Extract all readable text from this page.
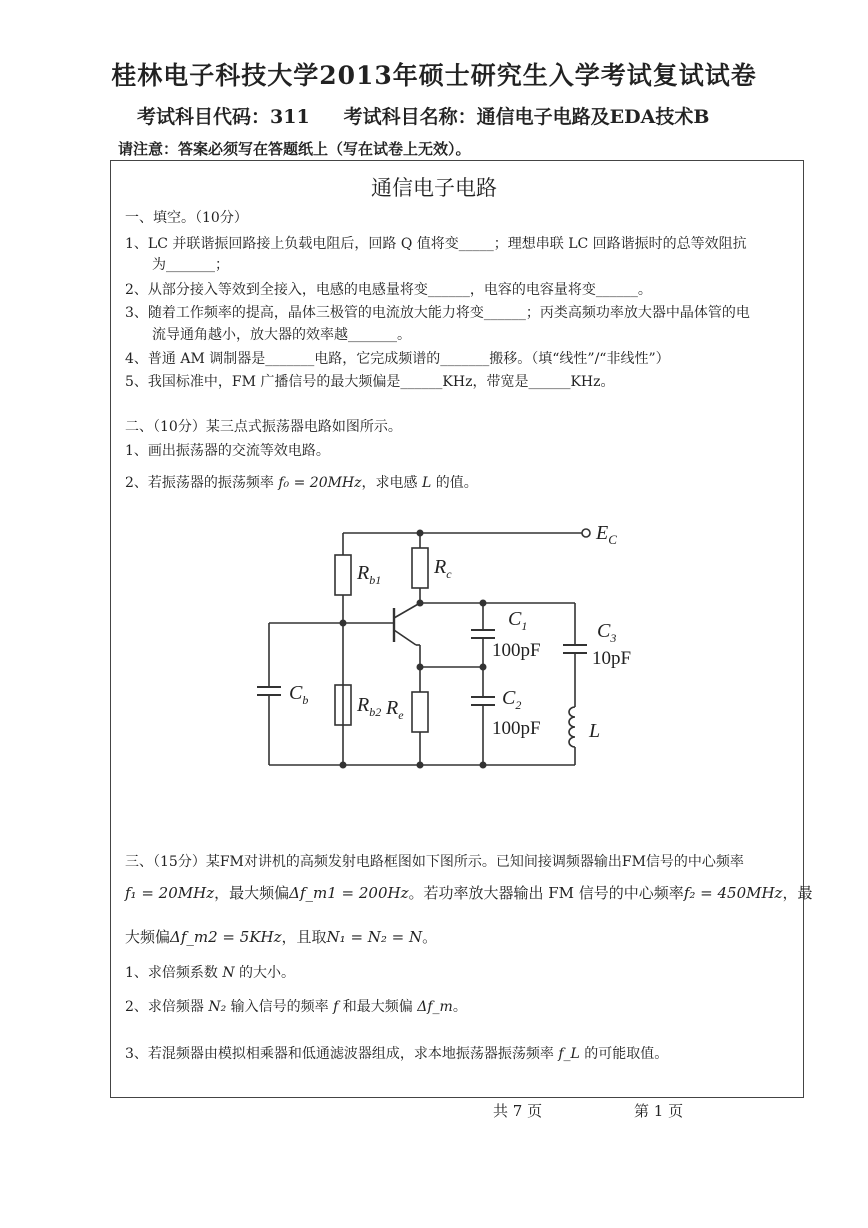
桂林电子科技大学2013年硕士研究生入学考试复试试卷
考试科目代码：311 考试科目名称：通信电子电路及EDA技术B
请注意：答案必须写在答题纸上（写在试卷上无效）。
通信电子电路
一、填空。（10分）
1、LC 并联谐振回路接上负载电阻后，回路 Q 值将变_____；理想串联 LC 回路谐振时的总等效阻抗
为_______；
2、从部分接入等效到全接入，电感的电感量将变______，电容的电容量将变______。
3、随着工作频率的提高，晶体三极管的电流放大能力将变______；丙类高频功率放大器中晶体管的电
流导通角越小，放大器的效率越_______。
4、普通 AM 调制器是_______电路，它完成频谱的_______搬移。（填“线性”/“非线性”）
5、我国标准中，FM 广播信号的最大频偏是______KHz，带宽是______KHz。
二、（10分）某三点式振荡器电路如图所示。
1、画出振荡器的交流等效电路。
2、若振荡器的振荡频率 f₀ = 20MHz，求电感 L 的值。
$E_C$
$R_{b1}$
$R_c$
$C_b$ $R_{b2}$ $R_e$
$C_1$
100pF
$C_2$
100pF
$C_3$
10pF
L
三、（15分）某FM对讲机的高频发射电路框图如下图所示。已知间接调频器输出FM信号的中心频率
f₁ = 20MHz，最大频偏Δf_m1 = 200Hz。若功率放大器输出 FM 信号的中心频率f₂ = 450MHz，最
大频偏Δf_m2 = 5KHz，且取N₁ = N₂ = N。
1、求倍频系数 N 的大小。
2、求倍频器 N₂ 输入信号的频率 f 和最大频偏 Δf_m。
3、若混频器由模拟相乘器和低通滤波器组成，求本地振荡器振荡频率 f_L 的可能取值。
共 7 页	第 1 页
